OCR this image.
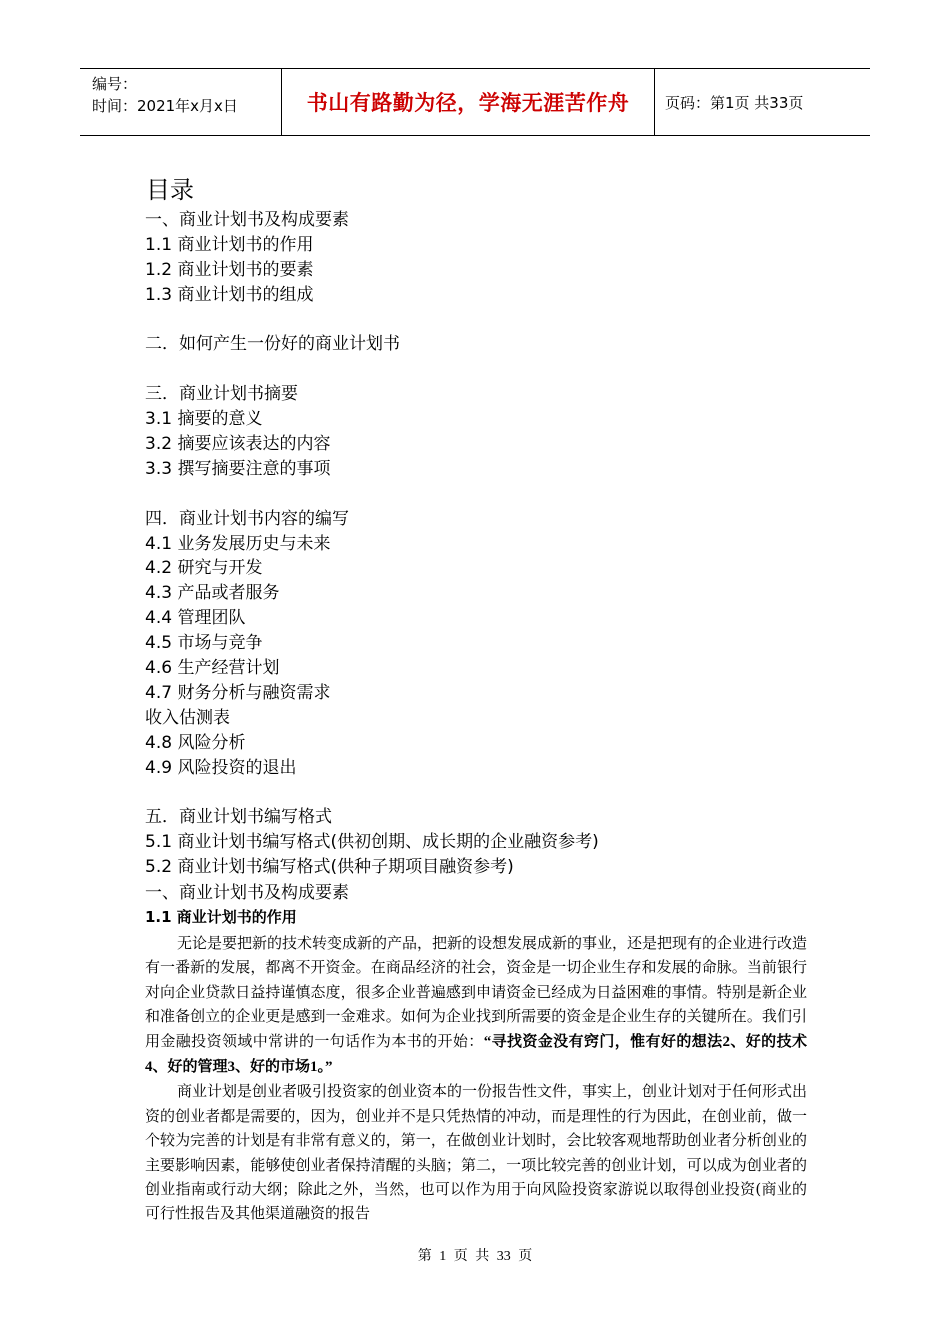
编号：
时间：2021年x月x日	书山有路勤为径，学海无涯苦作舟 页码：第1页 共33页
目录
一、商业计划书及构成要素
1.1 商业计划书的作用
1.2 商业计划书的要素
1.3 商业计划书的组成
二．如何产生一份好的商业计划书
三．商业计划书摘要
3.1 摘要的意义
3.2 摘要应该表达的内容
3.3 撰写摘要注意的事项
四．商业计划书内容的编写
4.1 业务发展历史与未来
4.2 研究与开发
4.3 产品或者服务
4.4 管理团队
4.5 市场与竞争
4.6 生产经营计划
4.7 财务分析与融资需求
收入估测表
4.8 风险分析
4.9 风险投资的退出
五．商业计划书编写格式
5.1 商业计划书编写格式(供初创期、成长期的企业融资参考)
5.2 商业计划书编写格式(供种子期项目融资参考)
一、商业计划书及构成要素
1.1 商业计划书的作用

无论是要把新的技术转变成新的产品，把新的设想发展成新的事业，还是把现有的企业进行改造有一番新的发展，都离不开资金。在商品经济的社会，资金是一切企业生存和发展的命脉。当前银行对向企业贷款日益持谨慎态度，很多企业普遍感到申请资金已经成为日益困难的事情。特别是新企业和准备创立的企业更是感到一金难求。如何为企业找到所需要的资金是企业生存的关键所在。我们引用金融投资领域中常讲的一句话作为本书的开始：“寻找资金没有窍门，惟有好的想法2、好的技术4、好的管理3、好的市场1。”

商业计划是创业者吸引投资家的创业资本的一份报告性文件，事实上，创业计划对于任何形式出资的创业者都是需要的，因为，创业并不是只凭热情的冲动，而是理性的行为因此，在创业前，做一个较为完善的计划是有非常有意义的，第一，在做创业计划时，会比较客观地帮助创业者分析创业的主要影响因素，能够使创业者保持清醒的头脑；第二，一项比较完善的创业计划，可以成为创业者的创业指南或行动大纲；除此之外，当然，也可以作为用于向风险投资家游说以取得创业投资(商业的可行性报告及其他渠道融资的报告

第 1 页 共 33 页
